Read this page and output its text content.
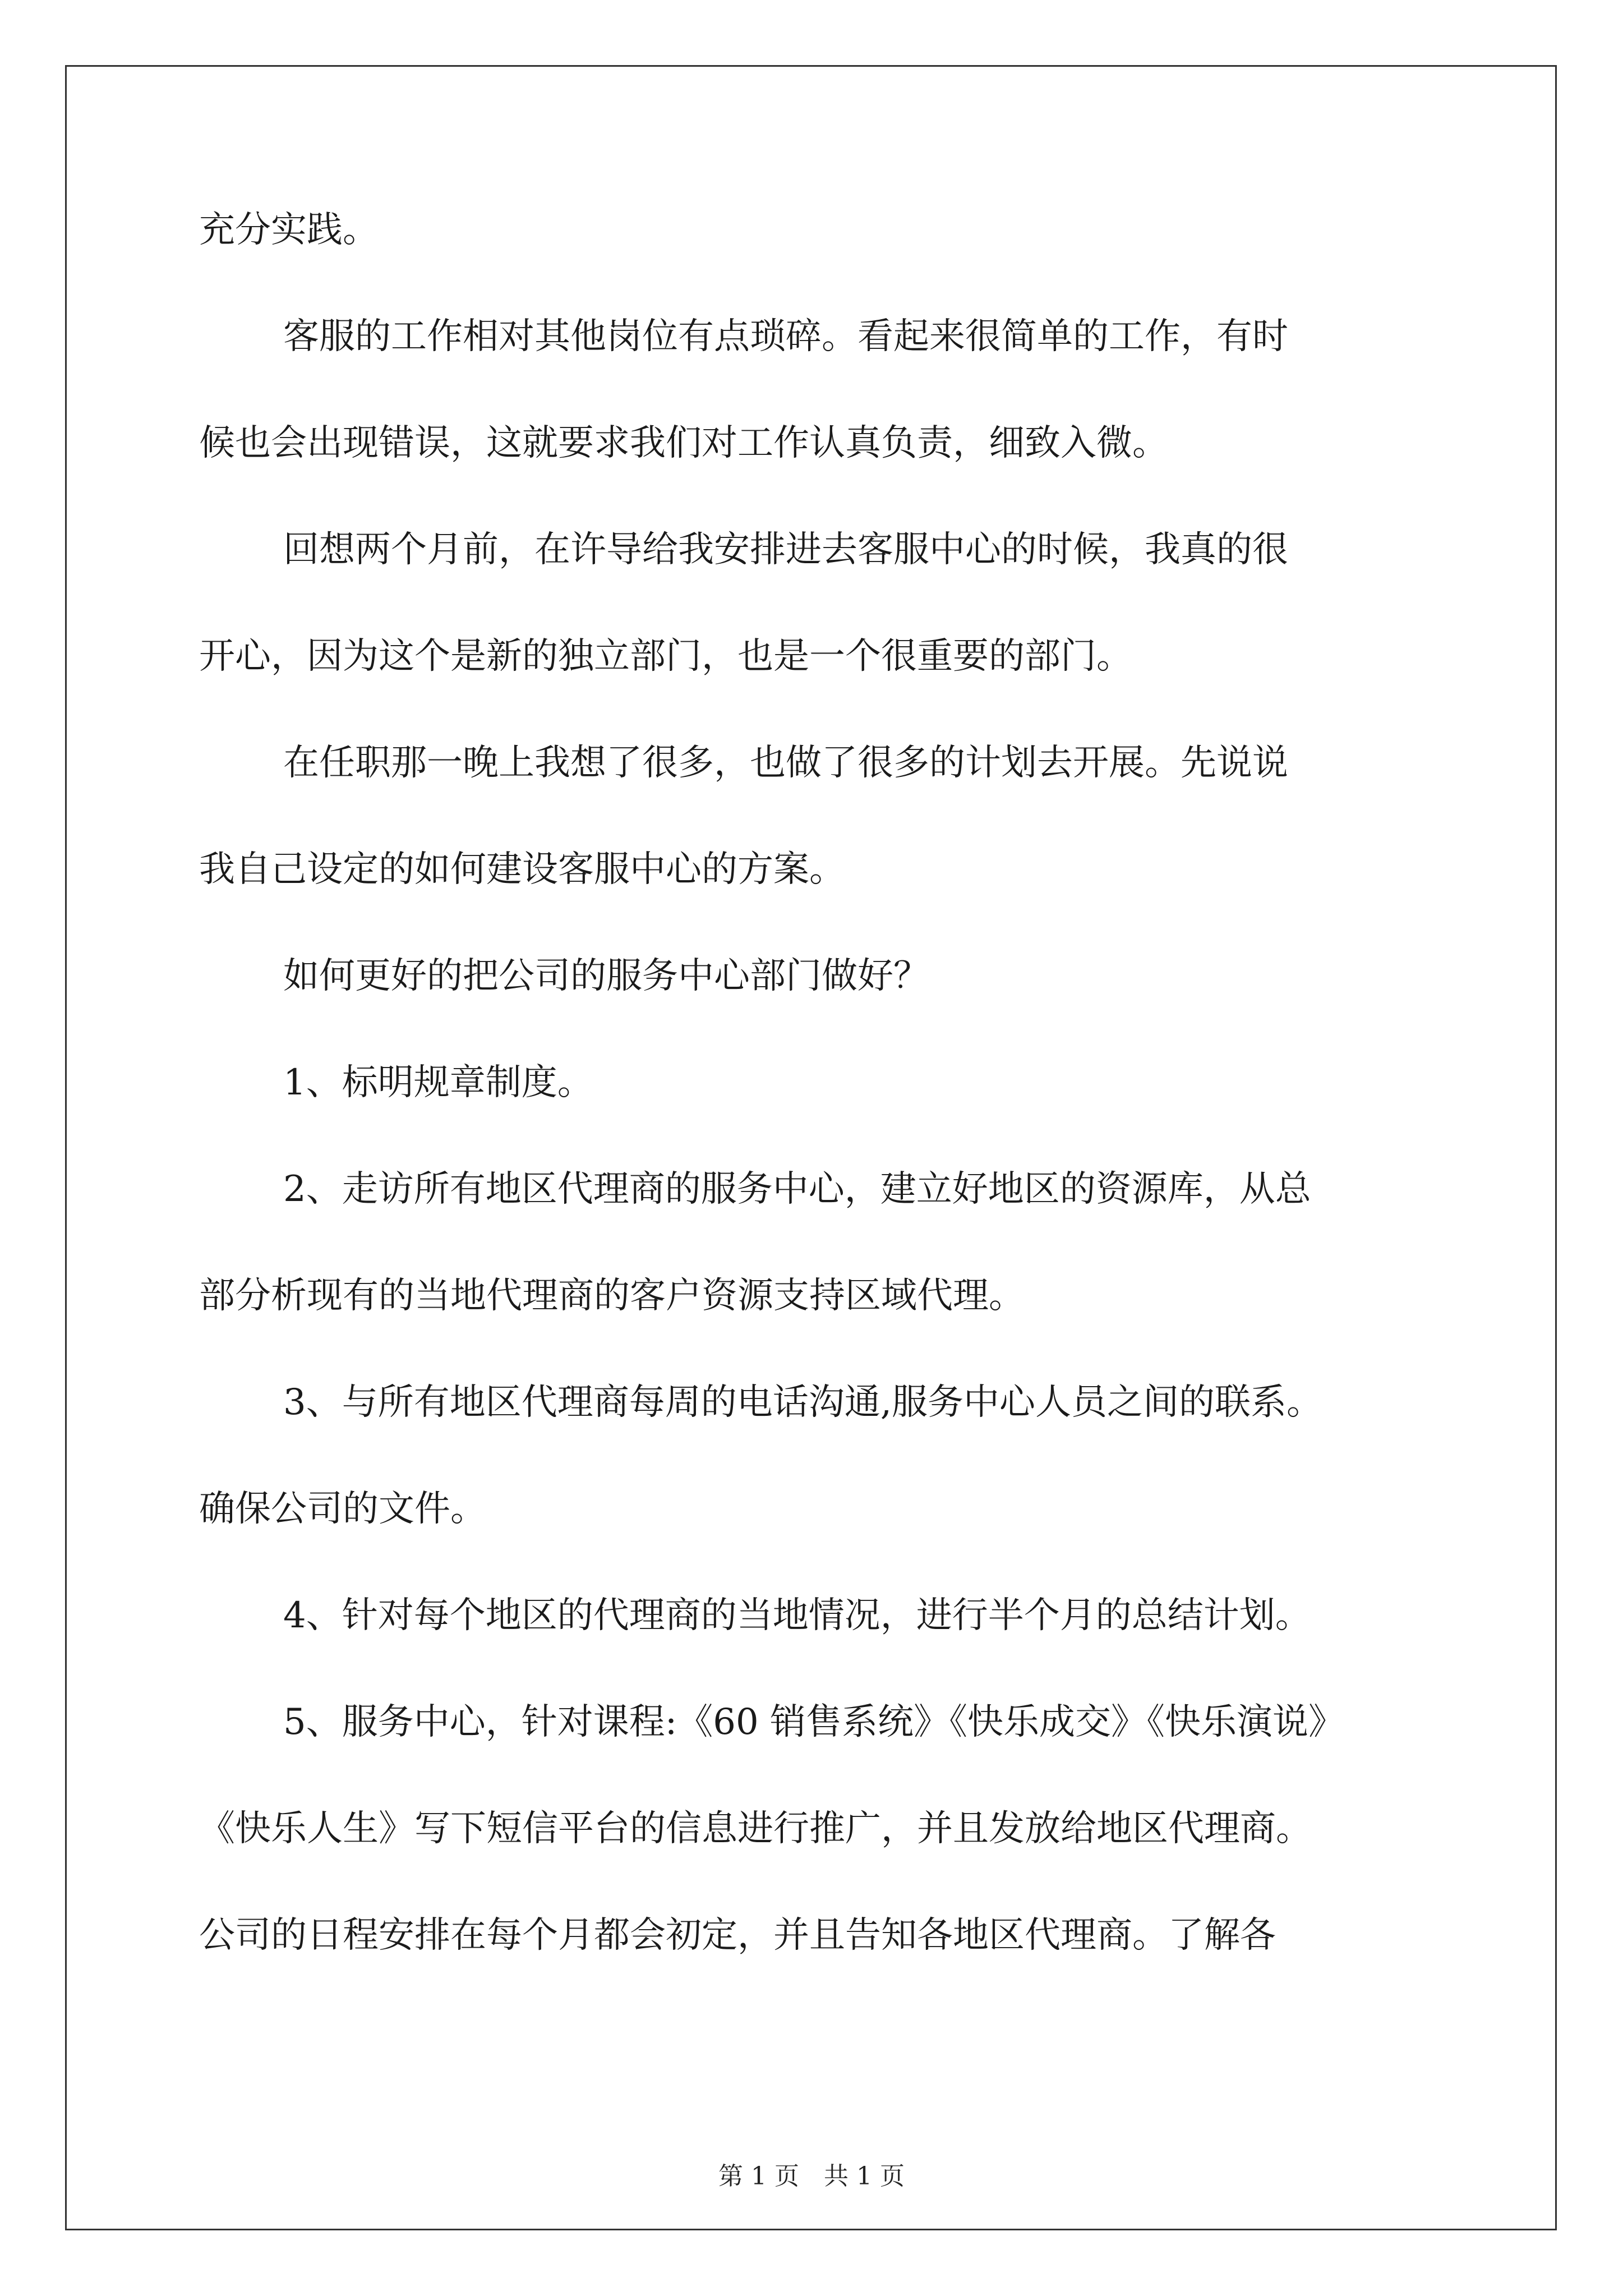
充分实践。
客服的工作相对其他岗位有点琐碎。看起来很简单的工作，有时
候也会出现错误，这就要求我们对工作认真负责，细致入微。
回想两个月前，在许导给我安排进去客服中心的时候，我真的很
开心，因为这个是新的独立部门，也是一个很重要的部门。
在任职那一晚上我想了很多，也做了很多的计划去开展。先说说
我自己设定的如何建设客服中心的方案。
如何更好的把公司的服务中心部门做好？
1、标明规章制度。
2、走访所有地区代理商的服务中心，建立好地区的资源库，从总
部分析现有的当地代理商的客户资源支持区域代理。
3、与所有地区代理商每周的电话沟通,服务中心人员之间的联系。
确保公司的文件。
4、针对每个地区的代理商的当地情况，进行半个月的总结计划。
5、服务中心，针对课程:《60 销售系统》《快乐成交》《快乐演说》
《快乐人生》写下短信平台的信息进行推广，并且发放给地区代理商。
公司的日程安排在每个月都会初定，并且告知各地区代理商。了解各
第 1 页　共 1 页
